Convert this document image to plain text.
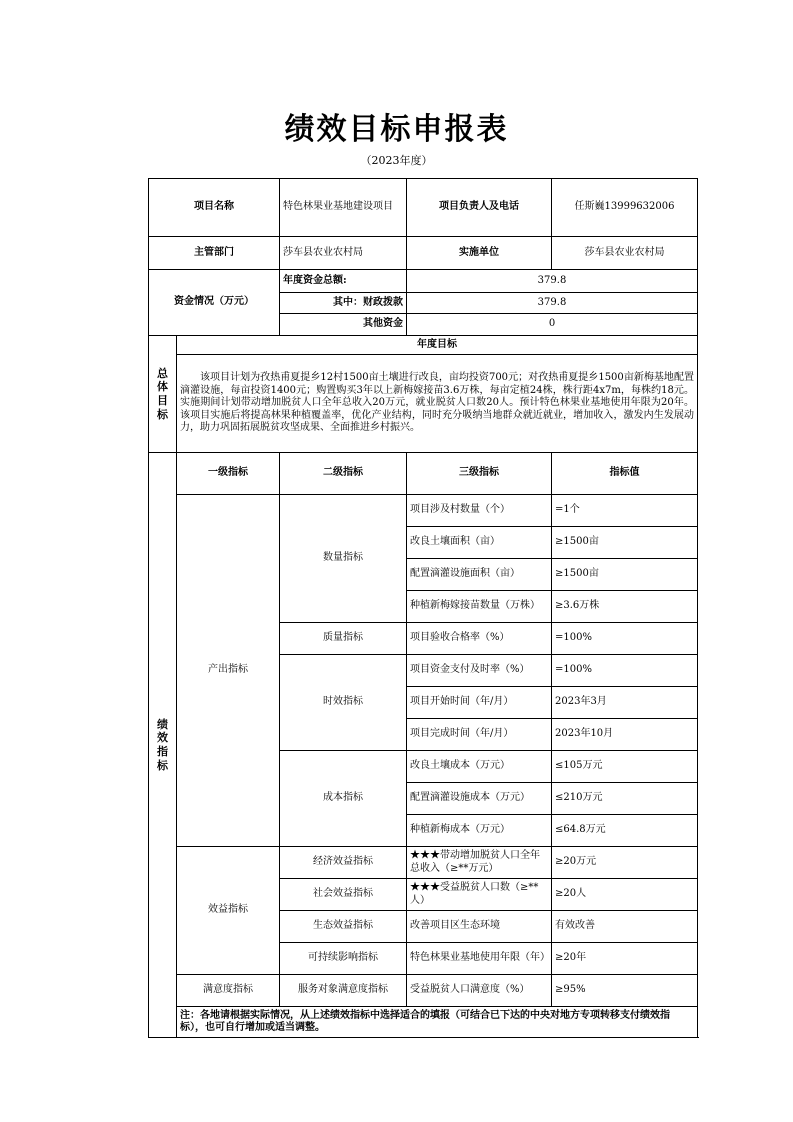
绩效目标申报表
（2023年度）
项目名称		特色林果业基地建设项目	项目负责人及电话	任斯巍13999632006
主管部门		莎车县农业农村局	实施单位	莎车县农业农村局
资金情况（万元）		年度资金总额:	379.8	
		其中：财政拨款	379.8	
		其他资金	0	
总体目标	年度目标			
	该项目计划为孜热甫夏提乡12村1500亩土壤进行改良，亩均投资700元；对孜热甫夏提乡1500亩新梅基地配置滴灌设施，每亩投资1400元；购置购买3年以上新梅嫁接苗3.6万株，每亩定植24株，株行距4x7m，每株约18元。实施期间计划带动增加脱贫人口全年总收入20万元，就业脱贫人口数20人。预计特色林果业基地使用年限为20年。该项目实施后将提高林果种植覆盖率，优化产业结构，同时充分吸纳当地群众就近就业，增加收入，激发内生发展动力，助力巩固拓展脱贫攻坚成果、全面推进乡村振兴。			
绩效指标	一级指标	二级指标	三级指标	指标值
	产出指标	数量指标	项目涉及村数量（个）	=1个
			改良土壤面积（亩）	≥1500亩
			配置滴灌设施面积（亩）	≥1500亩
			种植新梅嫁接苗数量（万株）	≥3.6万株
		质量指标	项目验收合格率（%）	=100%
		时效指标	项目资金支付及时率（%）	=100%
			项目开始时间（年/月）	2023年3月
			项目完成时间（年/月）	2023年10月
		成本指标	改良土壤成本（万元）	≤105万元
			配置滴灌设施成本（万元）	≤210万元
			种植新梅成本（万元）	≤64.8万元
	效益指标	经济效益指标	★★★带动增加脱贫人口全年总收入（≥**万元）	≥20万元
		社会效益指标	★★★受益脱贫人口数（≥**人）	≥20人
		生态效益指标	改善项目区生态环境	有效改善
		可持续影响指标	特色林果业基地使用年限（年）	≥20年
	满意度指标	服务对象满意度指标	受益脱贫人口满意度（%）	≥95%
	注：各地请根据实际情况，从上述绩效指标中选择适合的填报（可结合已下达的中央对地方专项转移支付绩效指标），也可自行增加或适当调整。			
